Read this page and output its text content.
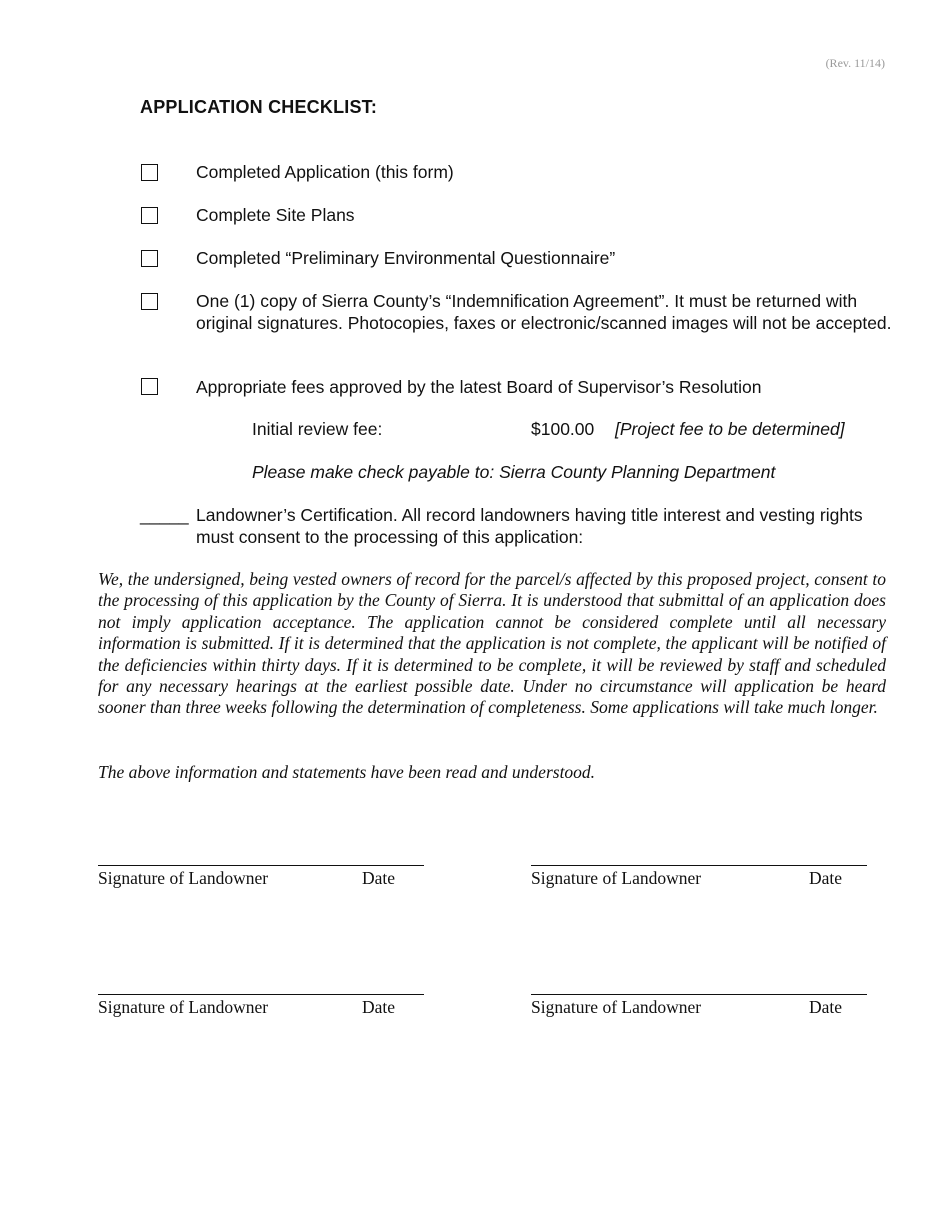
(Rev. 11/14)
APPLICATION CHECKLIST:
Completed Application (this form)
Complete Site Plans
Completed “Preliminary Environmental Questionnaire”
One (1) copy of Sierra County’s “Indemnification Agreement”. It must be returned with original signatures. Photocopies, faxes or electronic/scanned images will not be accepted.
Appropriate fees approved by the latest Board of Supervisor’s Resolution
Initial review fee:	$100.00 [Project fee to be determined]
Please make check payable to: Sierra County Planning Department
_____ Landowner’s Certification. All record landowners having title interest and vesting rights must consent to the processing of this application:
We, the undersigned, being vested owners of record for the parcel/s affected by this proposed project, consent to the processing of this application by the County of Sierra. It is understood that submittal of an application does not imply application acceptance. The application cannot be considered complete until all necessary information is submitted. If it is determined that the application is not complete, the applicant will be notified of the deficiencies within thirty days. If it is determined to be complete, it will be reviewed by staff and scheduled for any necessary hearings at the earliest possible date. Under no circumstance will application be heard sooner than three weeks following the determination of completeness. Some applications will take much longer.
The above information and statements have been read and understood.
Signature of Landowner	Date	Signature of Landowner	Date
Signature of Landowner	Date	Signature of Landowner	Date
